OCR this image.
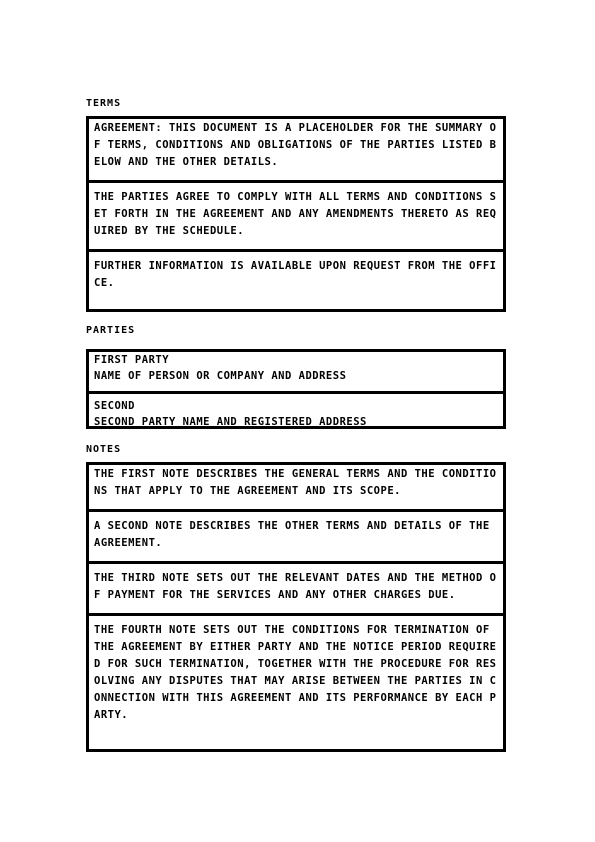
TERMS
AGREEMENT: THIS DOCUMENT IS A PLACEHOLDER FOR THE SUMMARY OF TERMS, CONDITIONS AND OBLIGATIONS OF THE PARTIES LISTED BELOW AND THE OTHER DETAILS.
THE PARTIES AGREE TO COMPLY WITH ALL TERMS AND CONDITIONS SET FORTH IN THE AGREEMENT AND ANY AMENDMENTS THERETO AS REQUIRED BY THE SCHEDULE.
FURTHER INFORMATION IS AVAILABLE UPON REQUEST FROM THE OFFICE.
PARTIES
FIRST PARTY
NAME OF PERSON OR COMPANY AND ADDRESS
SECOND
SECOND PARTY NAME AND REGISTERED ADDRESS
NOTES
THE FIRST NOTE DESCRIBES THE GENERAL TERMS AND THE CONDITIONS THAT APPLY TO THE AGREEMENT AND ITS SCOPE.
A SECOND NOTE DESCRIBES THE OTHER TERMS AND DETAILS OF THE AGREEMENT.
THE THIRD NOTE SETS OUT THE RELEVANT DATES AND THE METHOD OF PAYMENT FOR THE SERVICES AND ANY OTHER CHARGES DUE.
THE FOURTH NOTE SETS OUT THE CONDITIONS FOR TERMINATION OF THE AGREEMENT BY EITHER PARTY AND THE NOTICE PERIOD REQUIRED FOR SUCH TERMINATION, TOGETHER WITH THE PROCEDURE FOR RESOLVING ANY DISPUTES THAT MAY ARISE BETWEEN THE PARTIES IN CONNECTION WITH THIS AGREEMENT AND ITS PERFORMANCE BY EACH PARTY.
